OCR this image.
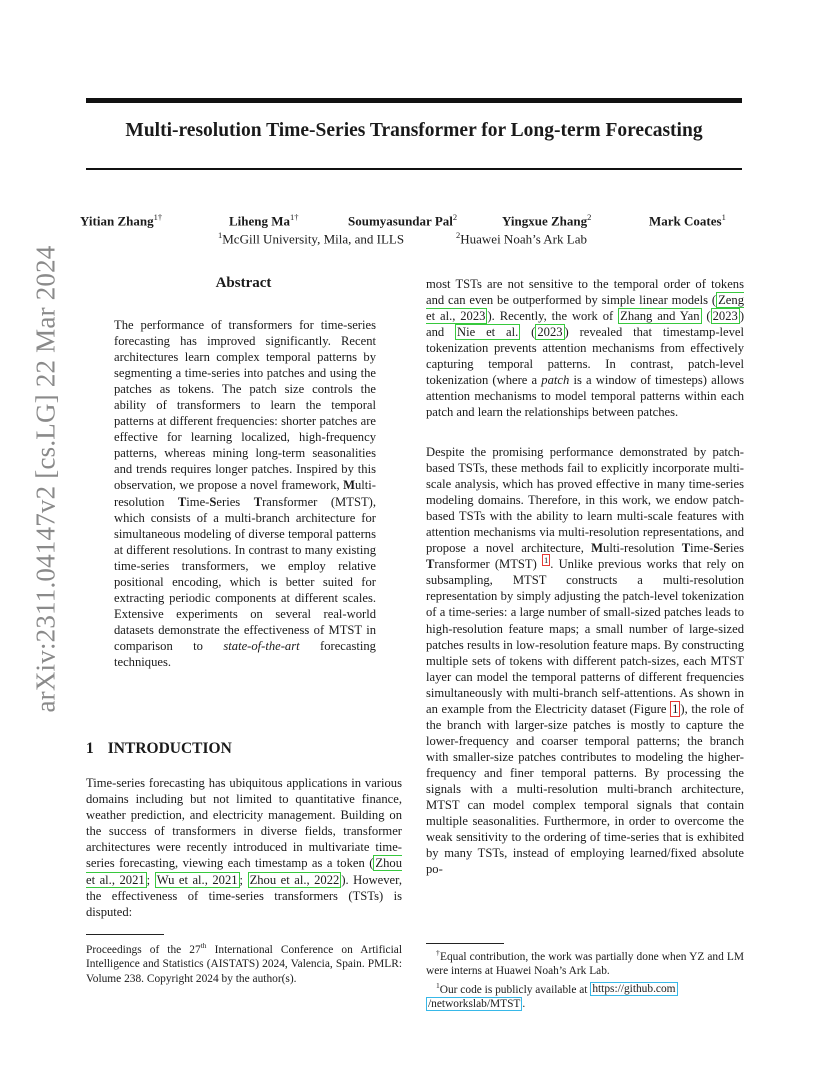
arXiv:2311.04147v2 [cs.LG] 22 Mar 2024
Multi-resolution Time-Series Transformer for Long-term Forecasting
Yitian Zhang$^{1\dagger}$	Liheng $Ma^{1\dagger}$	Soumyasundar Pal$^2$	Yingxue Zhang$^2$	Mark Coates$^1$
$^1$McGill University, Mila, and ILLS	$^2$Huawei Noah’s Ark Lab
Abstract

The performance of transformers for time-series forecasting has improved significantly. Recent architectures learn complex temporal patterns by segmenting a time-series into patches and using the patches as tokens. The patch size controls the ability of transformers to learn the temporal patterns at different frequencies: shorter patches are effective for learning localized, high-frequency patterns, whereas mining long-term seasonalities and trends requires longer patches. Inspired by this observation, we propose a novel framework, Multi-resolution Time-Series Transformer (MTST), which consists of a multi-branch architecture for simultaneous modeling of diverse temporal patterns at different resolutions. In contrast to many existing time-series transformers, we employ relative positional encoding, which is better suited for extracting periodic components at different scales. Extensive experiments on several real-world datasets demonstrate the effectiveness of MTST in comparison to state-of-the-art forecasting techniques.

1 INTRODUCTION

Time-series forecasting has ubiquitous applications in various domains including but not limited to quantitative finance, weather prediction, and electricity management. Building on the success of transformers in diverse fields, transformer architectures were recently introduced in multivariate time-series forecasting, viewing each timestamp as a token ( Zhou et al., 2021 ; Wu et al., 2021 ; Zhou et al., 2022 ). However, the effectiveness of time-series transformers (TSTs) is disputed:

most TSTs are not sensitive to the temporal order of tokens and can even be outperformed by simple linear models ( Zeng et al., 2023 ). Recently, the work of Zhang and Yan ( 2023 ) and Nie et al. ( 2023 ) revealed that timestamp-level tokenization prevents attention mechanisms from effectively capturing temporal patterns. In contrast, patch-level tokenization (where a patch is a window of timesteps) allows attention mechanisms to model temporal patterns within each patch and learn the relationships between patches.

Despite the promising performance demonstrated by patch-based TSTs, these methods fail to explicitly incorporate multi-scale analysis, which has proved effective in many time-series modeling domains. Therefore, in this work, we endow patch-based TSTs with the ability to learn multi-scale features with attention mechanisms via multi-resolution representations, and propose a novel architecture, Multi-resolution Time-Series Transformer (MTST) $^1$ . Unlike previous works that rely on subsampling, MTST constructs a multi-resolution representation by simply adjusting the patch-level tokenization of a time-series: a large number of small-sized patches leads to high-resolution feature maps; a small number of large-sized patches results in low-resolution feature maps. By constructing multiple sets of tokens with different patch-sizes, each MTST layer can model the temporal patterns of different frequencies simultaneously with multi-branch self-attentions. As shown in an example from the Electricity dataset (Figure 1 ), the role of the branch with larger-size patches is mostly to capture the lower-frequency and coarser temporal patterns; the branch with smaller-size patches contributes to modeling the higher-frequency and finer temporal patterns. By processing the signals with a multi-resolution multi-branch architecture, MTST can model complex temporal signals that contain multiple seasonalities. Furthermore, in order to overcome the weak sensitivity to the ordering of time-series that is exhibited by many TSTs, instead of employing learned/fixed absolute po-

Proceedings of the 27th International Conference on Artificial Intelligence and Statistics (AISTATS) 2024, Valencia, Spain. PMLR: Volume 238. Copyright 2024 by the author(s).

†Equal contribution, the work was partially done when YZ and LM were interns at Huawei Noah’s Ark Lab.

$^1$Our code is publicly available at https://github.com
/networkslab/MTST .
